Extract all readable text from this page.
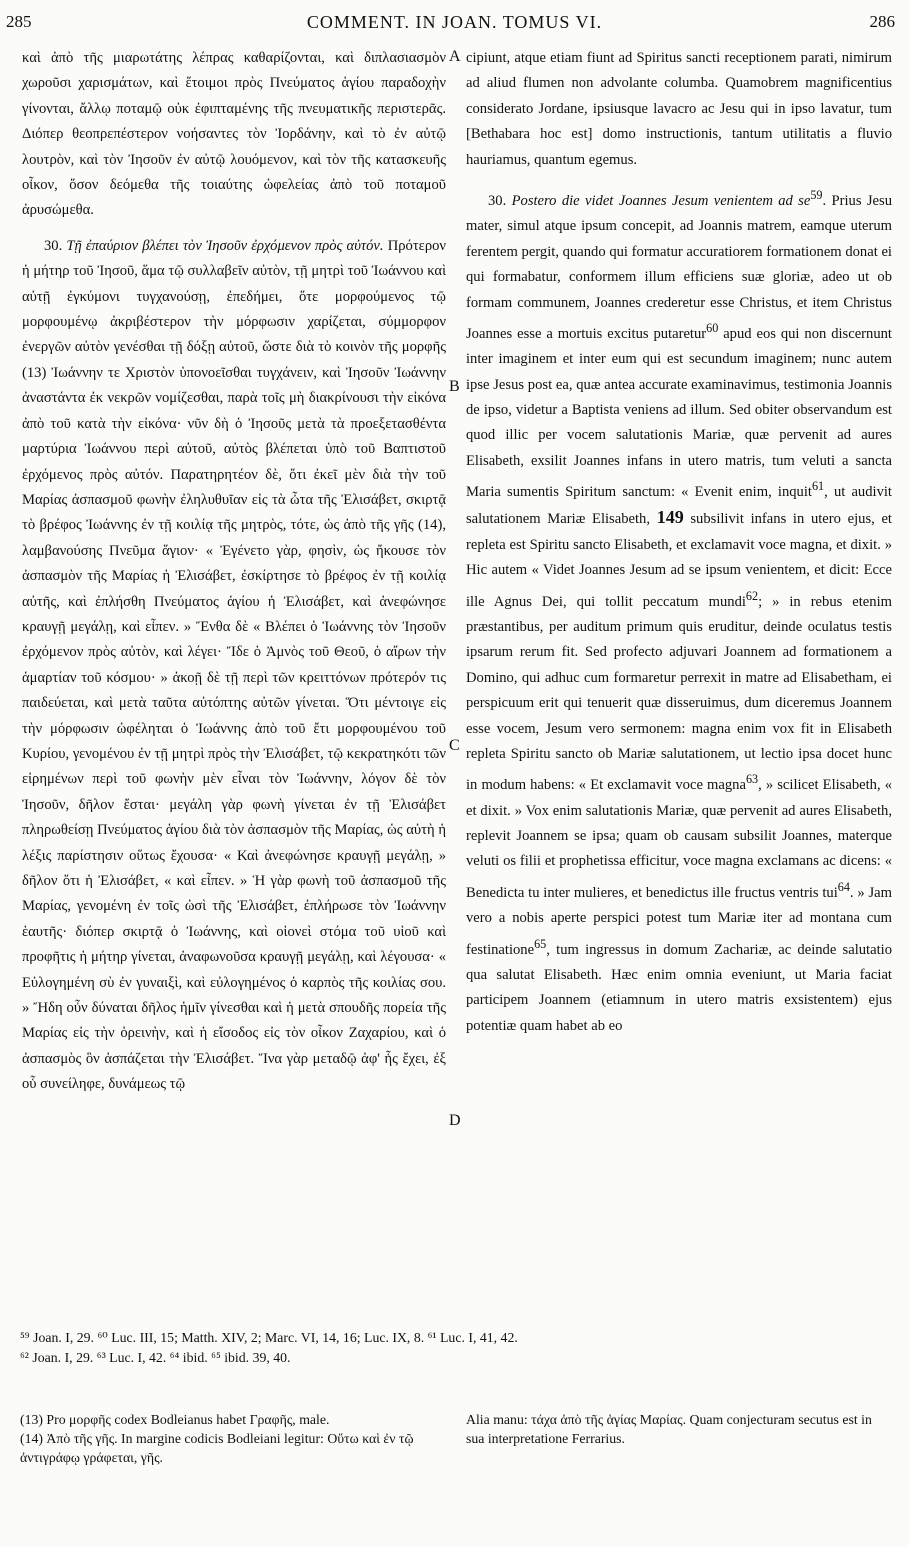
285	COMMENT. IN JOAN. TOMUS VI.	286
A
B
C
D

καὶ ἀπὸ τῆς μιαρωτάτης λέπρας καθαρίζονται, καὶ διπλασιασμὸν χωροῦσι χαρισμάτων, καὶ ἕτοιμοι πρὸς Πνεύματος ἁγίου παραδοχὴν γίνονται, ἄλλῳ ποταμῷ οὐκ ἐφιπταμένης τῆς πνευματικῆς περιστερᾶς. Διόπερ θεοπρεπέστερον νοήσαντες τὸν Ἰορδάνην, καὶ τὸ ἐν αὐτῷ λουτρὸν, καὶ τὸν Ἰησοῦν ἐν αὐτῷ λουόμενον, καὶ τὸν τῆς κατασκευῆς οἶκον, ὅσον δεόμεθα τῆς τοιαύτης ὠφελείας ἀπὸ τοῦ ποταμοῦ ἀρυσώμεθα.

30. Τῇ ἐπαύριον βλέπει τὸν Ἰησοῦν ἐρχόμενον πρὸς αὐτόν. Πρότερον ἡ μήτηρ τοῦ Ἰησοῦ, ἅμα τῷ συλλαβεῖν αὐτὸν, τῇ μητρὶ τοῦ Ἰωάννου καὶ αὐτῇ ἐγκύμονι τυγχανούσῃ, ἐπεδήμει, ὅτε μορφούμενος τῷ μορφουμένῳ ἀκριβέστερον τὴν μόρφωσιν χαρίζεται, σύμμορφον ἐνεργῶν αὐτὸν γενέσθαι τῇ δόξῃ αὐτοῦ, ὥστε διὰ τὸ κοινὸν τῆς μορφῆς (13) Ἰωάννην τε Χριστὸν ὑπονοεῖσθαι τυγχάνειν, καὶ Ἰησοῦν Ἰωάννην ἀναστάντα ἐκ νεκρῶν νομίζεσθαι, παρὰ τοῖς μὴ διακρίνουσι τὴν εἰκόνα ἀπὸ τοῦ κατὰ τὴν εἰκόνα· νῦν δὴ ὁ Ἰησοῦς μετὰ τὰ προεξετασθέντα μαρτύρια Ἰωάννου περὶ αὐτοῦ, αὐτὸς βλέπεται ὑπὸ τοῦ Βαπτιστοῦ ἐρχόμενος πρὸς αὐτόν. Παρατηρητέον δὲ, ὅτι ἐκεῖ μὲν διὰ τὴν τοῦ Μαρίας ἀσπασμοῦ φωνὴν ἐληλυθυῖαν εἰς τὰ ὦτα τῆς Ἐλισάβετ, σκιρτᾷ τὸ βρέφος Ἰωάννης ἐν τῇ κοιλίᾳ τῆς μητρὸς, τότε, ὡς ἀπὸ τῆς γῆς (14), λαμβανούσης Πνεῦμα ἅγιον· « Ἐγένετο γὰρ, φησὶν, ὡς ἤκουσε τὸν ἀσπασμὸν τῆς Μαρίας ἡ Ἐλισάβετ, ἐσκίρτησε τὸ βρέφος ἐν τῇ κοιλίᾳ αὐτῆς, καὶ ἐπλήσθη Πνεύματος ἁγίου ἡ Ἐλισάβετ, καὶ ἀνεφώνησε κραυγῇ μεγάλῃ, καὶ εἶπεν. » Ἔνθα δὲ « Βλέπει ὁ Ἰωάννης τὸν Ἰησοῦν ἐρχόμενον πρὸς αὐτὸν, καὶ λέγει· Ἴδε ὁ Ἀμνὸς τοῦ Θεοῦ, ὁ αἴρων τὴν ἁμαρτίαν τοῦ κόσμου· » ἀκοῇ δὲ τῇ περὶ τῶν κρειττόνων πρότερόν τις παιδεύεται, καὶ μετὰ ταῦτα αὐτόπτης αὐτῶν γίνεται. Ὅτι μέντοιγε εἰς τὴν μόρφωσιν ὠφέληται ὁ Ἰωάννης ἀπὸ τοῦ ἔτι μορφουμένου τοῦ Κυρίου, γενομένου ἐν τῇ μητρὶ πρὸς τὴν Ἐλισάβετ, τῷ κεκρατηκότι τῶν εἰρημένων περὶ τοῦ φωνὴν μὲν εἶναι τὸν Ἰωάννην, λόγον δὲ τὸν Ἰησοῦν, δῆλον ἔσται· μεγάλη γὰρ φωνὴ γίνεται ἐν τῇ Ἐλισάβετ πληρωθείσῃ Πνεύματος ἁγίου διὰ τὸν ἀσπασμὸν τῆς Μαρίας, ὡς αὐτὴ ἡ λέξις παρίστησιν οὕτως ἔχουσα· « Καὶ ἀνεφώνησε κραυγῇ μεγάλῃ, » δῆλον ὅτι ἡ Ἐλισάβετ, « καὶ εἶπεν. » Ἡ γὰρ φωνὴ τοῦ ἀσπασμοῦ τῆς Μαρίας, γενομένη ἐν τοῖς ὠσὶ τῆς Ἐλισάβετ, ἐπλήρωσε τὸν Ἰωάννην ἑαυτῆς· διόπερ σκιρτᾷ ὁ Ἰωάννης, καὶ οἱονεὶ στόμα τοῦ υἱοῦ καὶ προφῆτις ἡ μήτηρ γίνεται, ἀναφωνοῦσα κραυγῇ μεγάλῃ, καὶ λέγουσα· « Εὐλογημένη σὺ ἐν γυναιξὶ, καὶ εὐλογημένος ὁ καρπὸς τῆς κοιλίας σου. » Ἤδη οὖν δύναται δῆλος ἡμῖν γίνεσθαι καὶ ἡ μετὰ σπουδῆς πορεία τῆς Μαρίας εἰς τὴν ὀρεινὴν, καὶ ἡ εἴσοδος εἰς τὸν οἶκον Ζαχαρίου, καὶ ὁ ἀσπασμὸς ὃν ἀσπάζεται τὴν Ἐλισάβετ. Ἵνα γὰρ μεταδῷ ἀφ' ἧς ἔχει, ἐξ οὗ συνείληφε, δυνάμεως τῷ

cipiunt, atque etiam fiunt ad Spiritus sancti receptionem parati, nimirum ad aliud flumen non advolante columba. Quamobrem magnificentius considerato Jordane, ipsiusque lavacro ac Jesu qui in ipso lavatur, tum [Bethabara hoc est] domo instructionis, tantum utilitatis a fluvio hauriamus, quantum egemus.

30. Postero die videt Joannes Jesum venientem ad $se^{59}$. Prius Jesu mater, simul atque ipsum concepit, ad Joannis matrem, eamque uterum ferentem pergit, quando qui formatur accuratiorem formationem donat ei qui formabatur, conformem illum efficiens suæ gloriæ, adeo ut ob formam communem, Joannes crederetur esse Christus, et item Christus Joannes esse a mortuis excitus putaretur$^{60}$ apud eos qui non discernunt inter imaginem et inter eum qui est secundum imaginem; nunc autem ipse Jesus post ea, quæ antea accurate examinavimus, testimonia Joannis de ipso, videtur a Baptista veniens ad illum. Sed obiter observandum est quod illic per vocem salutationis Mariæ, quæ pervenit ad aures Elisabeth, exsilit Joannes infans in utero matris, tum veluti a sancta Maria sumentis Spiritum sanctum: « Evenit enim, inquit$^{61}$, ut audivit salutationem Mariæ Elisabeth, 149 subsilivit infans in utero ejus, et repleta est Spiritu sancto Elisabeth, et exclamavit voce magna, et dixit. » Hic autem « Videt Joannes Jesum ad se ipsum venientem, et dicit: Ecce ille Agnus Dei, qui tollit peccatum mundi$^{62}$; » in rebus etenim præstantibus, per auditum primum quis eruditur, deinde oculatus testis ipsarum rerum fit. Sed profecto adjuvari Joannem ad formationem a Domino, qui adhuc cum formaretur perrexit in matre ad Elisabetham, ei perspicuum erit qui tenuerit quæ disseruimus, dum diceremus Joannem esse vocem, Jesum vero sermonem: magna enim vox fit in Elisabeth repleta Spiritu sancto ob Mariæ salutationem, ut lectio ipsa docet hunc in modum habens: « Et exclamavit voce magna$^{63}$, » scilicet Elisabeth, « et dixit. » Vox enim salutationis Mariæ, quæ pervenit ad aures Elisabeth, replevit Joannem se ipsa; quam ob causam subsilit Joannes, materque veluti os filii et prophetissa efficitur, voce magna exclamans ac dicens: « Benedicta tu inter mulieres, et benedictus ille fructus ventris tui$^{64}$. » Jam vero a nobis aperte perspici potest tum Mariæ iter ad montana cum festinatione$^{65}$, tum ingressus in domum Zachariæ, ac deinde salutatio qua salutat Elisabeth. Hæc enim omnia eveniunt, ut Maria faciat participem Joannem (etiamnum in utero matris exsistentem) ejus potentiæ quam habet ab eo

⁵⁹ Joan. I, 29. ⁶⁰ Luc. III, 15; Matth. XIV, 2; Marc. VI, 14, 16; Luc. IX, 8. ⁶¹ Luc. I, 41, 42.
⁶² Joan. I, 29. ⁶³ Luc. I, 42. ⁶⁴ ibid. ⁶⁵ ibid. 39, 40.

(13) Pro μορφῆς codex Bodleianus habet Γραφῆς, male.

(14) Ἀπὸ τῆς γῆς. In margine codicis Bodleiani legitur: Οὕτω καὶ ἐν τῷ ἀντιγράφῳ γράφεται, γῆς.

Alia manu: τάχα ἀπὸ τῆς ἁγίας Μαρίας. Quam conjecturam secutus est in sua interpretatione Ferrarius.
